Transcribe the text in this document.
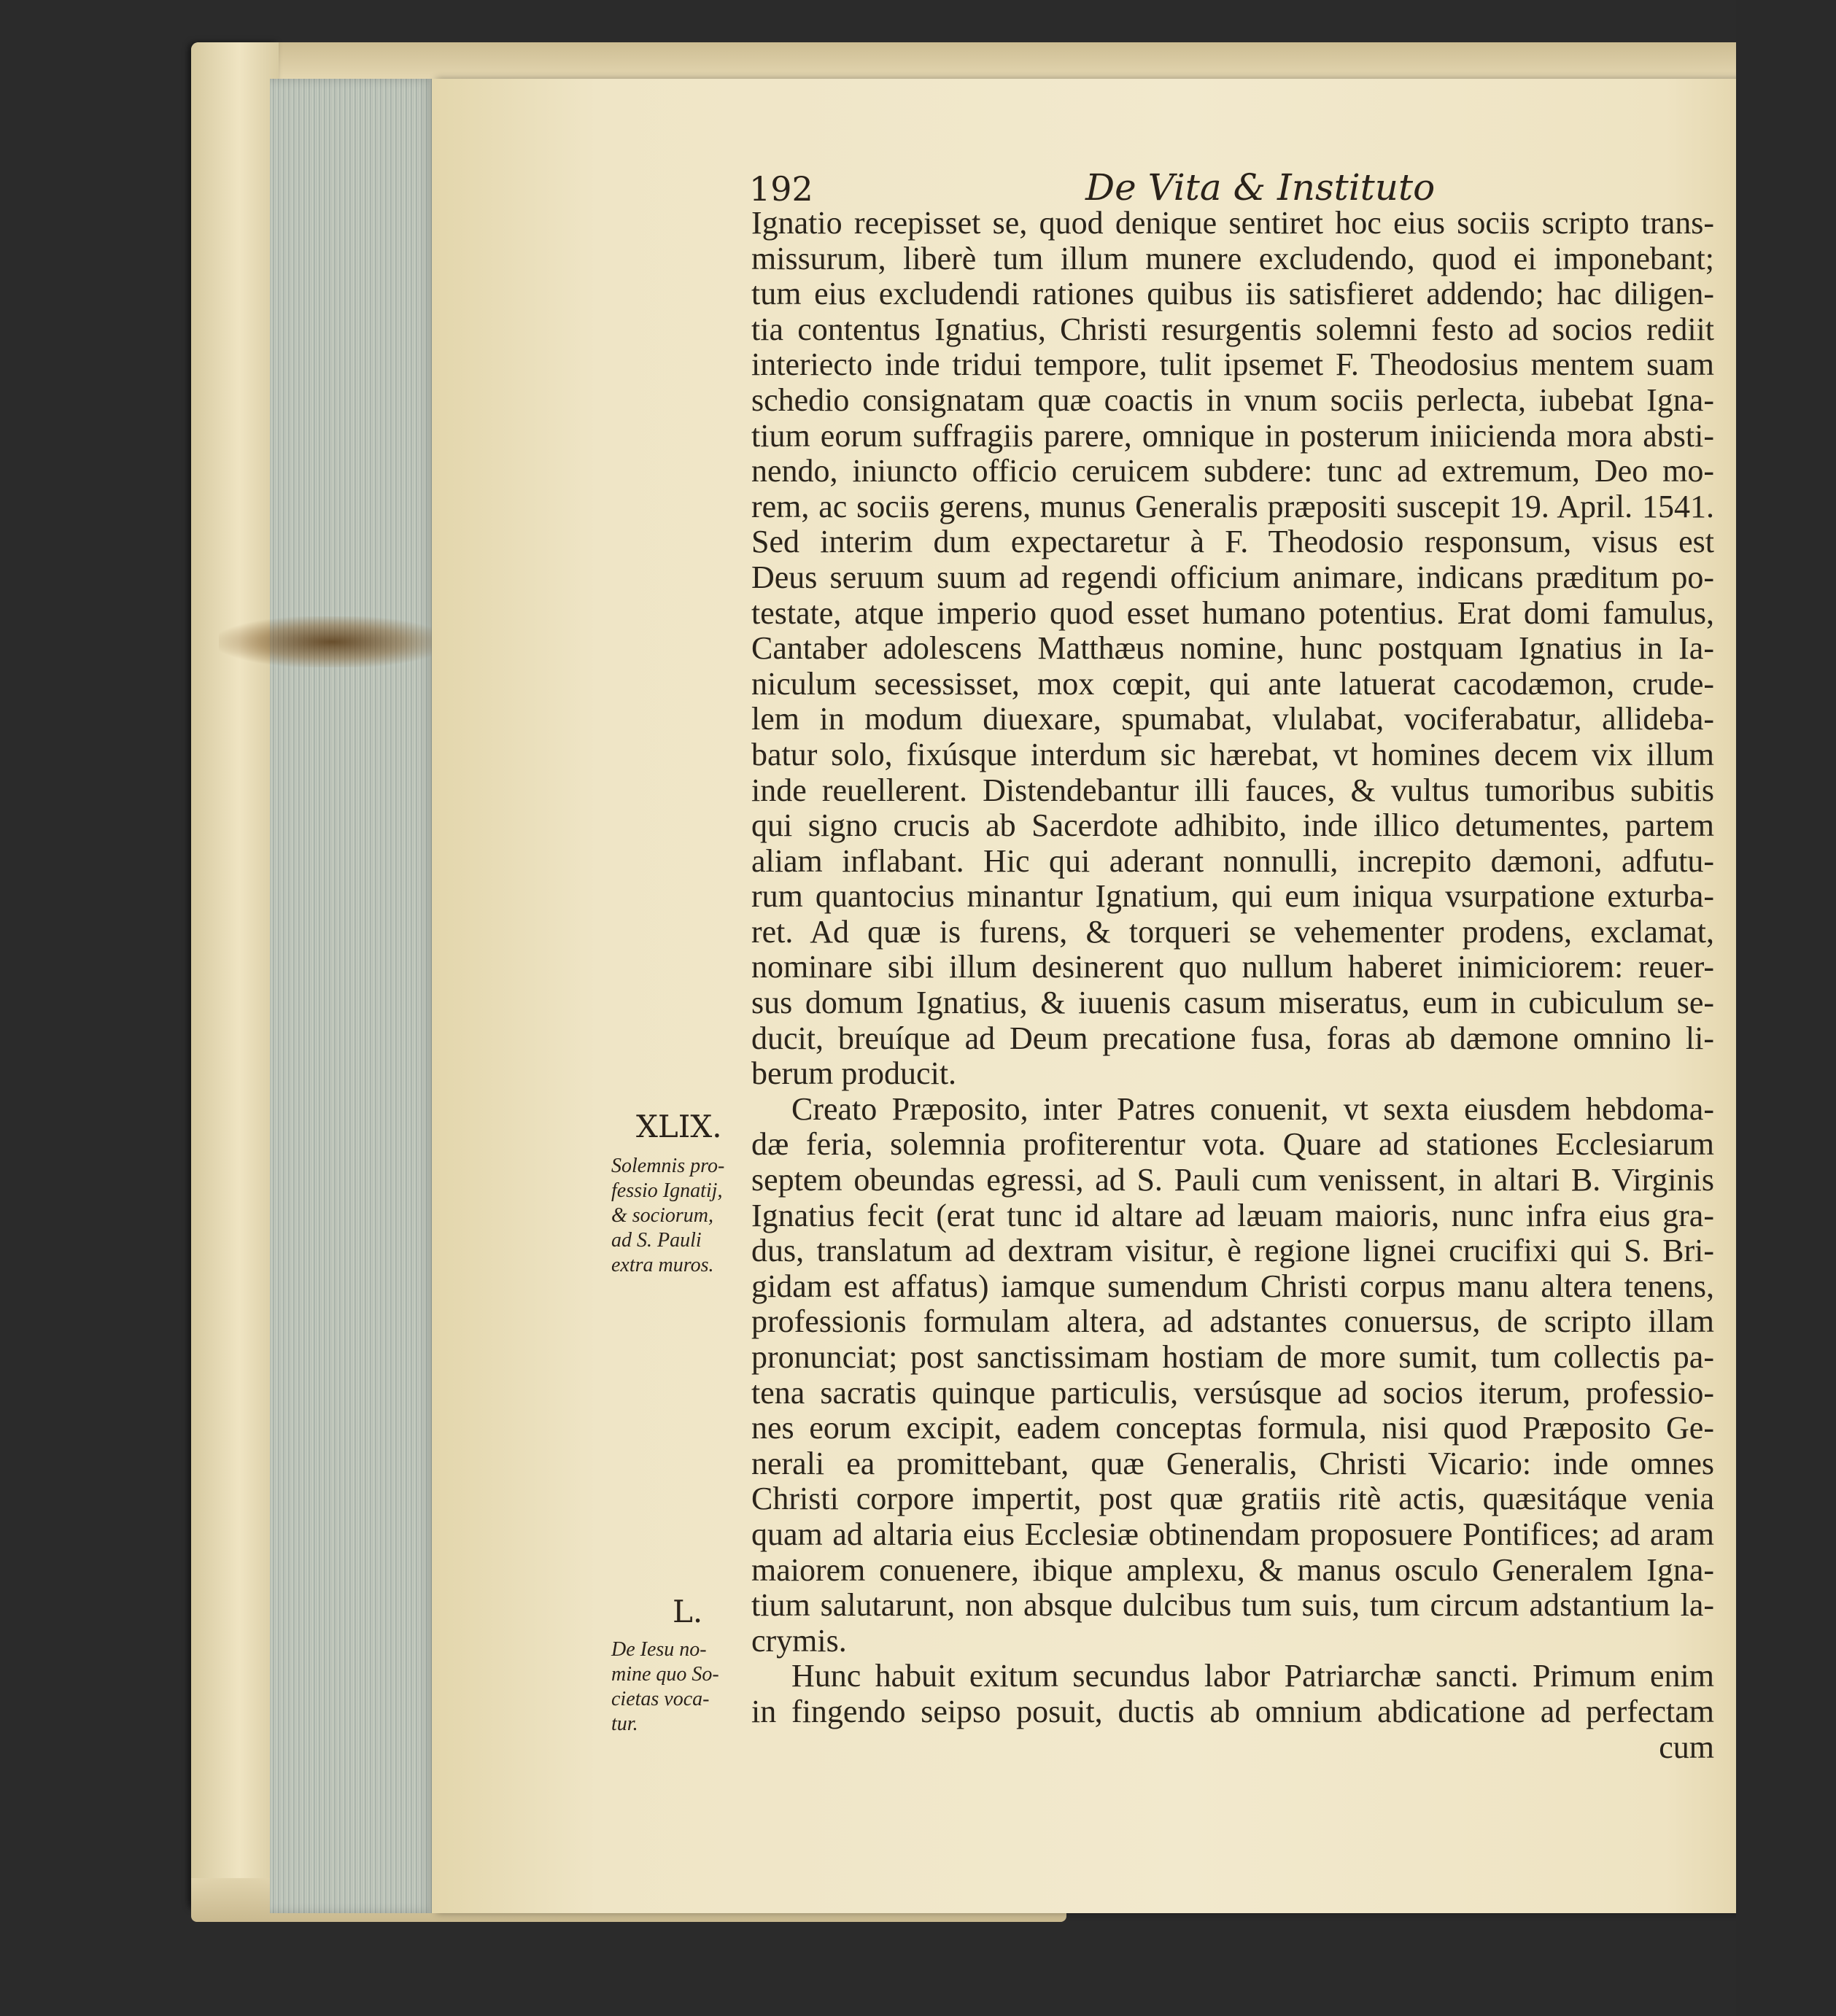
192	De Vita & Instituto
Ignatio recepisset se, quod denique sentiret hoc eius sociis scripto trans-
missurum, liberè tum illum munere excludendo, quod ei imponebant;
tum eius excludendi rationes quibus iis satisfieret addendo; hac diligen-
tia contentus Ignatius, Christi resurgentis solemni festo ad socios rediit
interiecto inde tridui tempore, tulit ipsemet F. Theodosius mentem suam
schedio consignatam quæ coactis in vnum sociis perlecta, iubebat Igna-
tium eorum suffragiis parere, omnique in posterum iniicienda mora absti-
nendo, iniuncto officio ceruicem subdere: tunc ad extremum, Deo mo-
rem, ac sociis gerens, munus Generalis præpositi suscepit 19. April. 1541.
Sed interim dum expectaretur à F. Theodosio responsum, visus est
Deus seruum suum ad regendi officium animare, indicans præditum po-
testate, atque imperio quod esset humano potentius. Erat domi famulus,
Cantaber adolescens Matthæus nomine, hunc postquam Ignatius in Ia-
niculum secessisset, mox cœpit, qui ante latuerat cacodæmon, crude-
lem in modum diuexare, spumabat, vlulabat, vociferabatur, allideba-
batur solo, fixúsque interdum sic hærebat, vt homines decem vix illum
inde reuellerent. Distendebantur illi fauces, & vultus tumoribus subitis
qui signo crucis ab Sacerdote adhibito, inde illico detumentes, partem
aliam inflabant. Hic qui aderant nonnulli, increpito dæmoni, adfutu-
rum quantocius minantur Ignatium, qui eum iniqua vsurpatione exturba-
ret. Ad quæ is furens, & torqueri se vehementer prodens, exclamat,
nominare sibi illum desinerent quo nullum haberet inimiciorem: reuer-
sus domum Ignatius, & iuuenis casum miseratus, eum in cubiculum se-
ducit, breuíque ad Deum precatione fusa, foras ab dæmone omnino li-
berum producit.
Creato Præposito, inter Patres conuenit, vt sexta eiusdem hebdoma-
dæ feria, solemnia profiterentur vota. Quare ad stationes Ecclesiarum
septem obeundas egressi, ad S. Pauli cum venissent, in altari B. Virginis
Ignatius fecit (erat tunc id altare ad læuam maioris, nunc infra eius gra-
dus, translatum ad dextram visitur, è regione lignei crucifixi qui S. Bri-
gidam est affatus) iamque sumendum Christi corpus manu altera tenens,
professionis formulam altera, ad adstantes conuersus, de scripto illam
pronunciat; post sanctissimam hostiam de more sumit, tum collectis pa-
tena sacratis quinque particulis, versúsque ad socios iterum, professio-
nes eorum excipit, eadem conceptas formula, nisi quod Præposito Ge-
nerali ea promittebant, quæ Generalis, Christi Vicario: inde omnes
Christi corpore impertit, post quæ gratiis ritè actis, quæsitáque venia
quam ad altaria eius Ecclesiæ obtinendam proposuere Pontifices; ad aram
maiorem conuenere, ibique amplexu, & manus osculo Generalem Igna-
tium salutarunt, non absque dulcibus tum suis, tum circum adstantium la-
crymis.
Hunc habuit exitum secundus labor Patriarchæ sancti. Primum enim
in fingendo seipso posuit, ductis ab omnium abdicatione ad perfectam
cum
XLIX.
Solemnis pro-
fessio Ignatij,
& sociorum,
ad S. Pauli
extra muros.
L.
De Iesu no-
mine quo So-
cietas voca-
tur.
